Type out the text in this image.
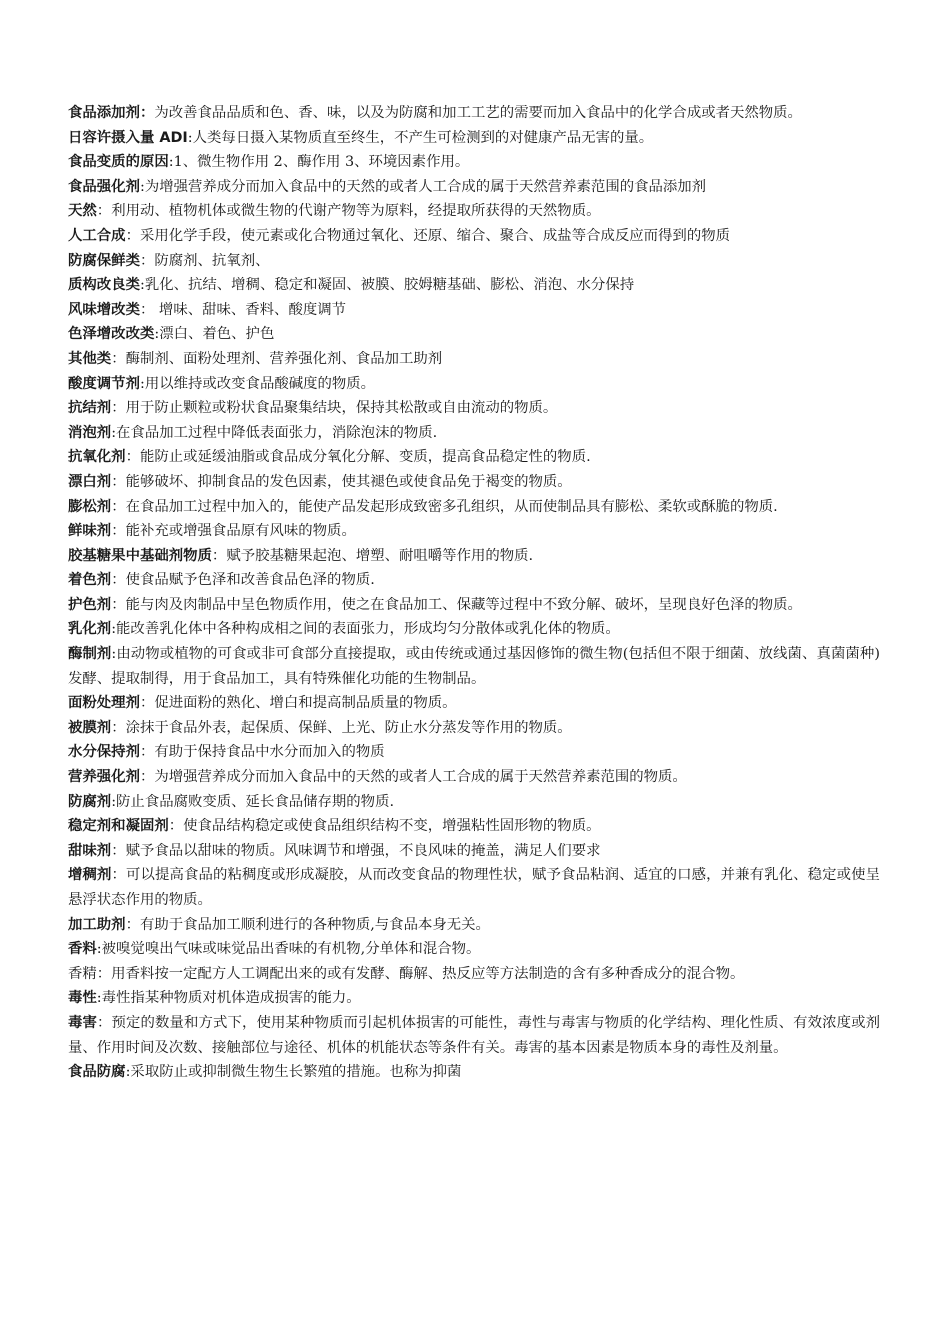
食品添加剂：为改善食品品质和色、香、味，以及为防腐和加工工艺的需要而加入食品中的化学合成或者天然物质。

日容许摄入量 ADI:人类每日摄入某物质直至终生，不产生可检测到的对健康产品无害的量。

食品变质的原因:1、微生物作用 2、酶作用 3、环境因素作用。

食品强化剂:为增强营养成分而加入食品中的天然的或者人工合成的属于天然营养素范围的食品添加剂

天然：利用动、植物机体或微生物的代谢产物等为原料，经提取所获得的天然物质。

人工合成：采用化学手段，使元素或化合物通过氧化、还原、缩合、聚合、成盐等合成反应而得到的物质

防腐保鲜类：防腐剂、抗氧剂、

质构改良类:乳化、抗结、增稠、稳定和凝固、被膜、胶姆糖基础、膨松、消泡、水分保持

风味增改类： 增味、甜味、香料、酸度调节

色泽增改改类:漂白、着色、护色

其他类：酶制剂、面粉处理剂、营养强化剂、食品加工助剂

酸度调节剂:用以维持或改变食品酸碱度的物质。

抗结剂：用于防止颗粒或粉状食品聚集结块，保持其松散或自由流动的物质。

消泡剂:在食品加工过程中降低表面张力，消除泡沫的物质.

抗氧化剂：能防止或延缓油脂或食品成分氧化分解、变质，提高食品稳定性的物质.

漂白剂：能够破坏、抑制食品的发色因素，使其褪色或使食品免于褐变的物质。

膨松剂：在食品加工过程中加入的，能使产品发起形成致密多孔组织，从而使制品具有膨松、柔软或酥脆的物质.

鲜味剂：能补充或增强食品原有风味的物质。

胶基糖果中基础剂物质：赋予胶基糖果起泡、增塑、耐咀嚼等作用的物质.

着色剂：使食品赋予色泽和改善食品色泽的物质.

护色剂：能与肉及肉制品中呈色物质作用，使之在食品加工、保藏等过程中不致分解、破坏，呈现良好色泽的物质。

乳化剂:能改善乳化体中各种构成相之间的表面张力，形成均匀分散体或乳化体的物质。

酶制剂:由动物或植物的可食或非可食部分直接提取，或由传统或通过基因修饰的微生物(包括但不限于细菌、放线菌、真菌菌种)发酵、提取制得，用于食品加工，具有特殊催化功能的生物制品。

面粉处理剂：促进面粉的熟化、增白和提高制品质量的物质。

被膜剂：涂抹于食品外表，起保质、保鲜、上光、防止水分蒸发等作用的物质。

水分保持剂：有助于保持食品中水分而加入的物质

营养强化剂：为增强营养成分而加入食品中的天然的或者人工合成的属于天然营养素范围的物质。

防腐剂:防止食品腐败变质、延长食品储存期的物质.

稳定剂和凝固剂：使食品结构稳定或使食品组织结构不变，增强粘性固形物的物质。

甜味剂：赋予食品以甜味的物质。风味调节和增强，不良风味的掩盖，满足人们要求

增稠剂：可以提高食品的粘稠度或形成凝胶，从而改变食品的物理性状，赋予食品粘润、适宜的口感，并兼有乳化、稳定或使呈悬浮状态作用的物质。

加工助剂：有助于食品加工顺利进行的各种物质,与食品本身无关。

香料:被嗅觉嗅出气味或味觉品出香味的有机物,分单体和混合物。

香精：用香料按一定配方人工调配出来的或有发酵、酶解、热反应等方法制造的含有多种香成分的混合物。

毒性:毒性指某种物质对机体造成损害的能力。

毒害：预定的数量和方式下，使用某种物质而引起机体损害的可能性，毒性与毒害与物质的化学结构、理化性质、有效浓度或剂量、作用时间及次数、接触部位与途径、机体的机能状态等条件有关。毒害的基本因素是物质本身的毒性及剂量。

食品防腐:采取防止或抑制微生物生长繁殖的措施。也称为抑菌
